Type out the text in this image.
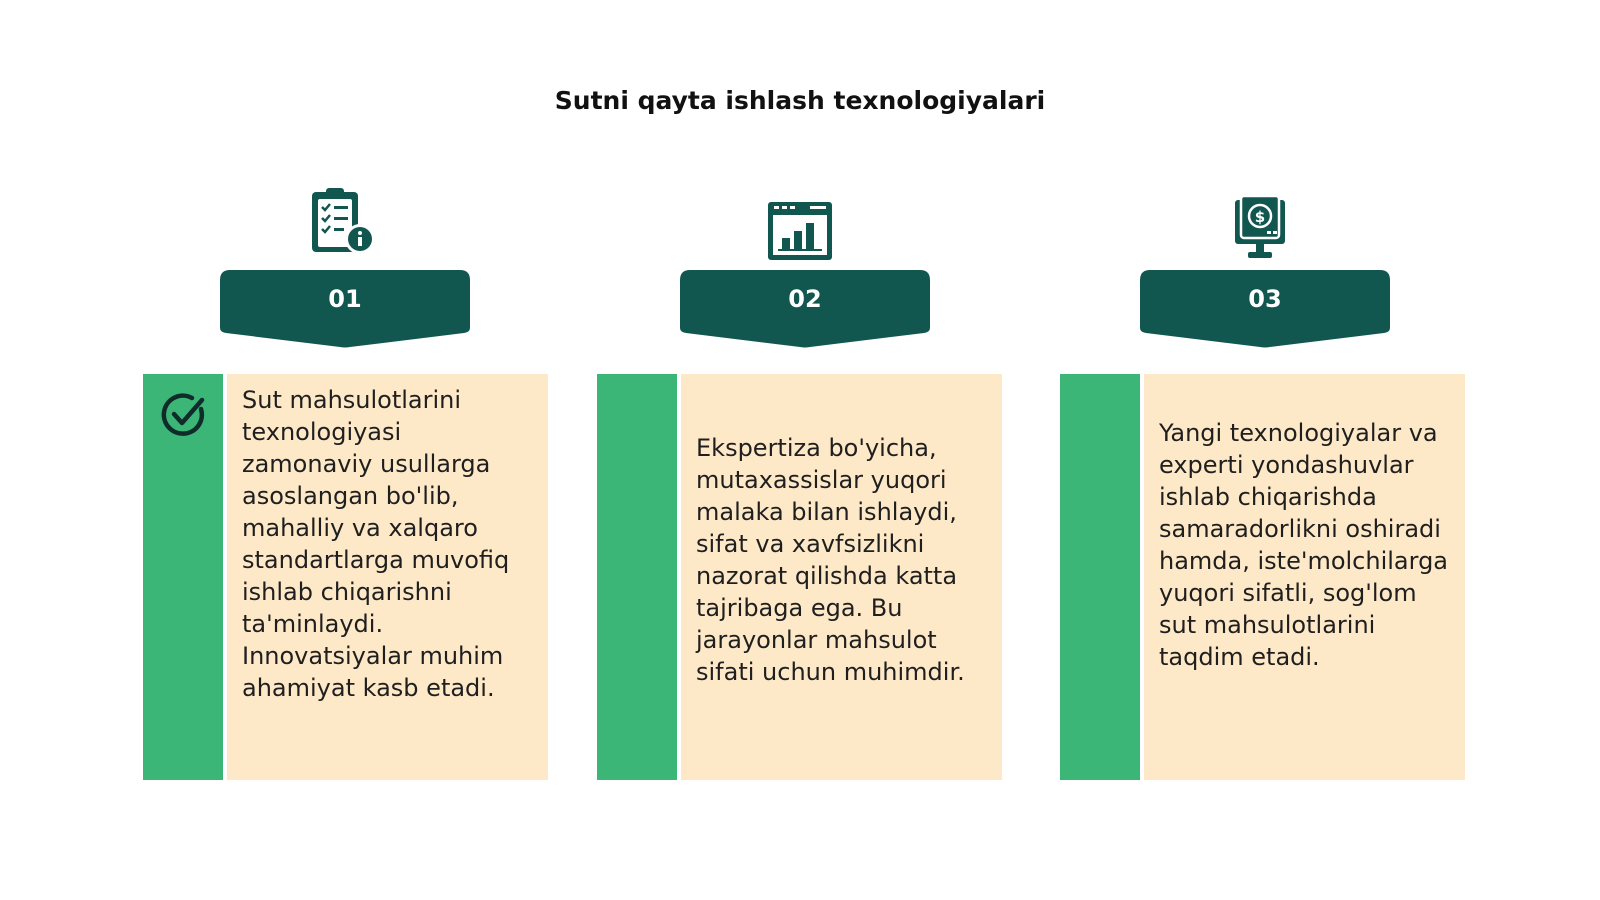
Sutni qayta ishlash texnologiyalari
01
Sut mahsulotlarini texnologiyasi zamonaviy usullarga asoslangan bo'lib, mahalliy va xalqaro standartlarga muvofiq ishlab chiqarishni ta'minlaydi. Innovatsiyalar muhim ahamiyat kasb etadi.
02
Ekspertiza bo'yicha, mutaxassislar yuqori malaka bilan ishlaydi, sifat va xavfsizlikni nazorat qilishda katta tajribaga ega. Bu jarayonlar mahsulot sifati uchun muhimdir.
$
03
Yangi texnologiyalar va experti yondashuvlar ishlab chiqarishda samaradorlikni oshiradi hamda, iste'molchilarga yuqori sifatli, sog'lom sut mahsulotlarini taqdim etadi.
